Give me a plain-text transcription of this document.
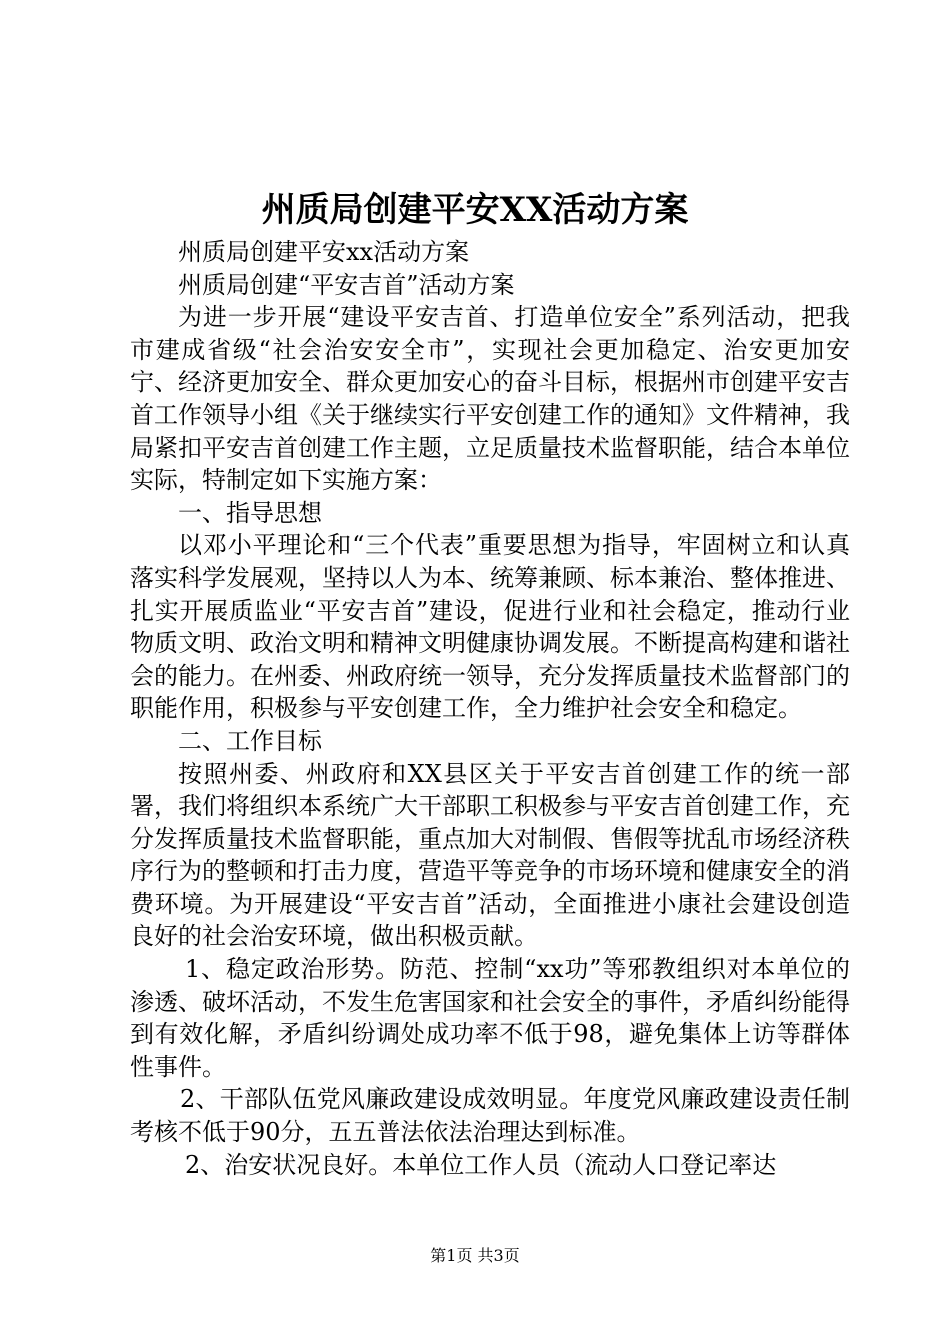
州质局创建平安XX活动方案

州质局创建平安xx活动方案

州质局创建“平安吉首”活动方案

为进一步开展“建设平安吉首、打造单位安全”系列活动，把我市建成省级“社会治安安全市”，实现社会更加稳定、治安更加安宁、经济更加安全、群众更加安心的奋斗目标，根据州市创建平安吉首工作领导小组《关于继续实行平安创建工作的通知》文件精神，我局紧扣平安吉首创建工作主题，立足质量技术监督职能，结合本单位实际，特制定如下实施方案：

一、指导思想

以邓小平理论和“三个代表”重要思想为指导，牢固树立和认真落实科学发展观，坚持以人为本、统筹兼顾、标本兼治、整体推进、扎实开展质监业“平安吉首”建设，促进行业和社会稳定，推动行业物质文明、政治文明和精神文明健康协调发展。不断提高构建和谐社会的能力。在州委、州政府统一领导，充分发挥质量技术监督部门的职能作用，积极参与平安创建工作，全力维护社会安全和稳定。

二、工作目标

按照州委、州政府和XX县区关于平安吉首创建工作的统一部署，我们将组织本系统广大干部职工积极参与平安吉首创建工作，充分发挥质量技术监督职能，重点加大对制假、售假等扰乱市场经济秩序行为的整顿和打击力度，营造平等竞争的市场环境和健康安全的消费环境。为开展建设“平安吉首”活动，全面推进小康社会建设创造良好的社会治安环境，做出积极贡献。

1、稳定政治形势。防范、控制“xx功”等邪教组织对本单位的渗透、破坏活动，不发生危害国家和社会安全的事件，矛盾纠纷能得到有效化解，矛盾纠纷调处成功率不低于98，避免集体上访等群体性事件。

2、干部队伍党风廉政建设成效明显。年度党风廉政建设责任制考核不低于90分，五五普法依法治理达到标准。

2、治安状况良好。本单位工作人员（流动人口登记率达

第1页 共3页
